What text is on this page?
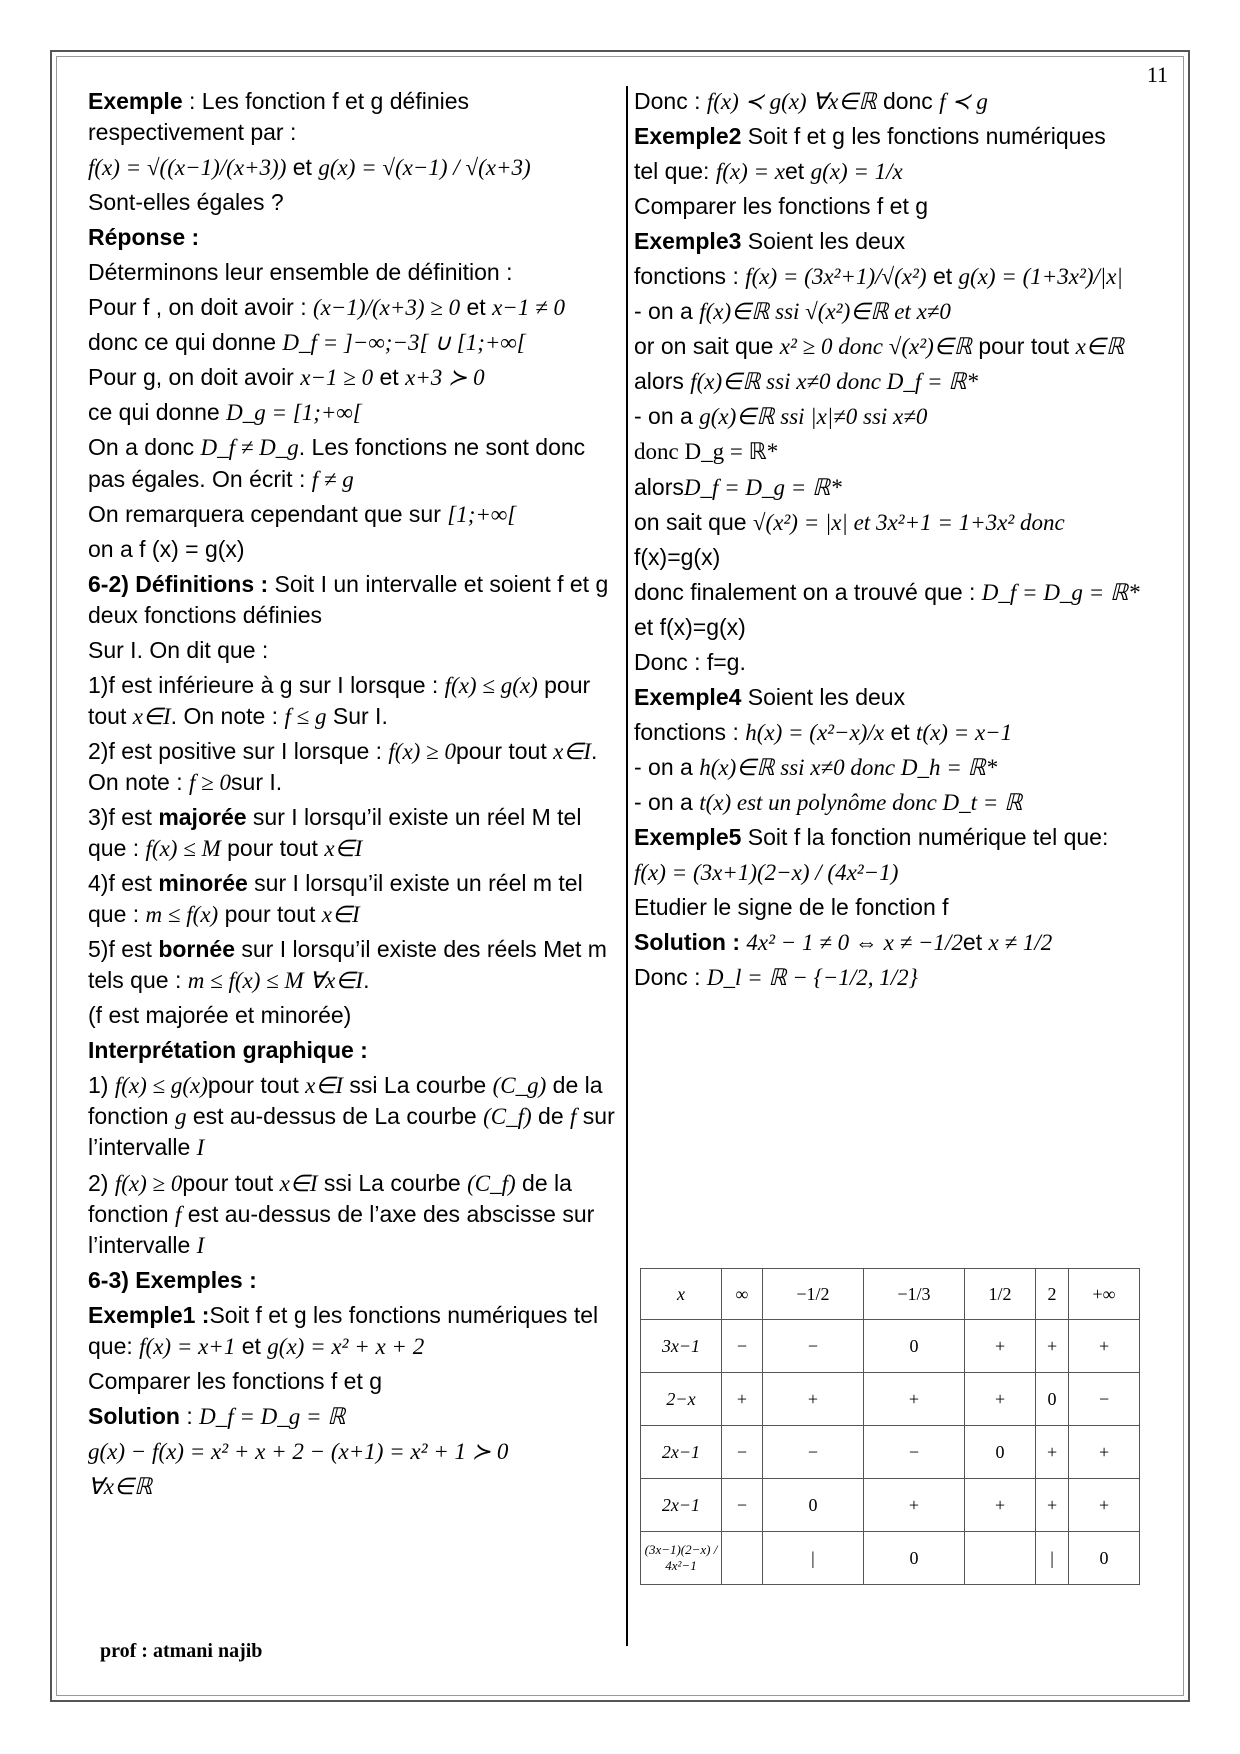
11
Exemple : Les fonction f et g définies respectivement par :
f(x) = √((x−1)/(x+3)) et g(x) = √(x−1) / √(x+3)
Sont-elles égales ?
Réponse :
Déterminons leur ensemble de définition :
Pour f , on doit avoir : (x−1)/(x+3) ≥ 0 et x−1 ≠ 0
donc ce qui donne D_f = ]−∞;−3[ ∪ [1;+∞[
Pour g, on doit avoir x−1 ≥ 0 et x+3 ≻ 0
ce qui donne D_g = [1;+∞[
On a donc D_f ≠ D_g. Les fonctions ne sont donc pas égales. On écrit : f ≠ g
On remarquera cependant que sur [1;+∞[
on a f (x) = g(x)
6-2) Définitions : Soit I un intervalle et soient f et g deux fonctions définies
Sur I. On dit que :
1)f est inférieure à g sur I lorsque : f(x) ≤ g(x) pour tout x∈I. On note : f ≤ g Sur I.
2)f est positive sur I lorsque : f(x) ≥ 0pour tout x∈I. On note : f ≥ 0sur I.
3)f est majorée sur I lorsqu’il existe un réel M tel que : f(x) ≤ M pour tout x∈I
4)f est minorée sur I lorsqu’il existe un réel m tel que : m ≤ f(x) pour tout x∈I
5)f est bornée sur I lorsqu’il existe des réels Met m tels que : m ≤ f(x) ≤ M ∀x∈I.
(f est majorée et minorée)
Interprétation graphique :
1) f(x) ≤ g(x)pour tout x∈I ssi La courbe (C_g) de la fonction g est au-dessus de La courbe (C_f) de f sur l’intervalle I
2) f(x) ≥ 0pour tout x∈I ssi La courbe (C_f) de la fonction f est au-dessus de l’axe des abscisse sur l’intervalle I
6-3) Exemples :
Exemple1 :Soit f et g les fonctions numériques tel que: f(x) = x+1 et g(x) = x² + x + 2
Comparer les fonctions f et g
Solution : D_f = D_g = ℝ
g(x) − f(x) = x² + x + 2 − (x+1) = x² + 1 ≻ 0
∀x∈ℝ
Donc : f(x) ≺ g(x) ∀x∈ℝ donc f ≺ g
Exemple2 Soit f et g les fonctions numériques
tel que: f(x) = xet g(x) = 1/x
Comparer les fonctions f et g
Exemple3 Soient les deux
fonctions : f(x) = (3x²+1)/√(x²) et g(x) = (1+3x²)/|x|
- on a f(x)∈ℝ ssi √(x²)∈ℝ et x≠0
or on sait que x² ≥ 0 donc √(x²)∈ℝ pour tout x∈ℝ
alors f(x)∈ℝ ssi x≠0 donc D_f = ℝ*
- on a g(x)∈ℝ ssi |x|≠0 ssi x≠0
donc D_g = ℝ*
alorsD_f = D_g = ℝ*
on sait que √(x²) = |x| et 3x²+1 = 1+3x² donc
f(x)=g(x)
donc finalement on a trouvé que : D_f = D_g = ℝ*
et f(x)=g(x)
Donc : f=g.
Exemple4 Soient les deux
fonctions : h(x) = (x²−x)/x et t(x) = x−1
- on a h(x)∈ℝ ssi x≠0 donc D_h = ℝ*
- on a t(x) est un polynôme donc D_t = ℝ
Exemple5 Soit f la fonction numérique tel que:
f(x) = (3x+1)(2−x) / (4x²−1)
Etudier le signe de le fonction f
Solution : 4x² − 1 ≠ 0 ⇔ x ≠ −1/2et x ≠ 1/2
Donc : D_l = ℝ − {−1/2, 1/2}
x	∞	−1/2	−1/3	1/2	2	+∞
3x−1	−	−	0	+	+	+
2−x	+	+	+	+	0	−
2x−1	−	−	−	0	+	+
2x−1	−	0	+	+	+	+
(3x−1)(2−x) / 4x²−1		|	0		|	0
prof : atmani najib
